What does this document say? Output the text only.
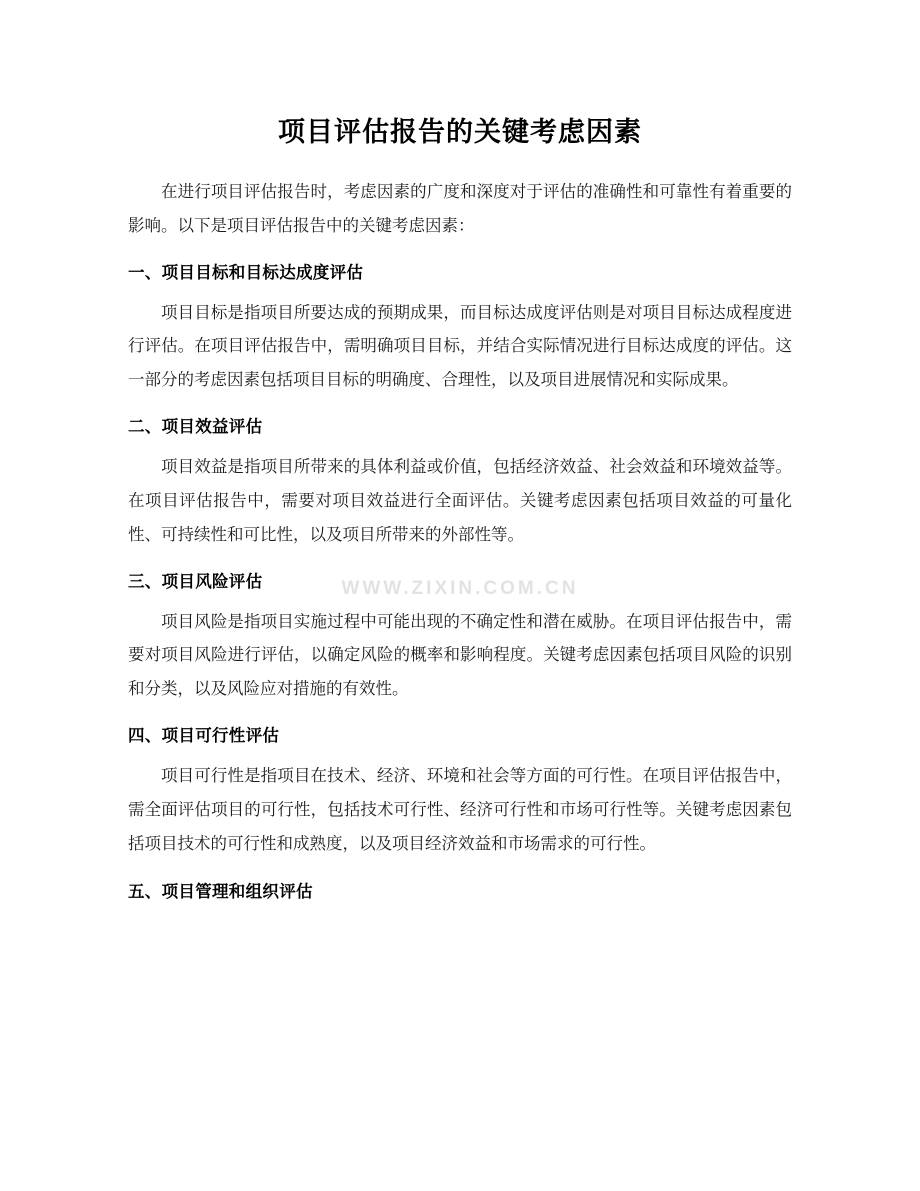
项目评估报告的关键考虑因素

在进行项目评估报告时，考虑因素的广度和深度对于评估的准确性和可靠性有着重要的影响。以下是项目评估报告中的关键考虑因素：

一、项目目标和目标达成度评估

项目目标是指项目所要达成的预期成果，而目标达成度评估则是对项目目标达成程度进行评估。在项目评估报告中，需明确项目目标，并结合实际情况进行目标达成度的评估。这一部分的考虑因素包括项目目标的明确度、合理性，以及项目进展情况和实际成果。

二、项目效益评估

项目效益是指项目所带来的具体利益或价值，包括经济效益、社会效益和环境效益等。在项目评估报告中，需要对项目效益进行全面评估。关键考虑因素包括项目效益的可量化性、可持续性和可比性，以及项目所带来的外部性等。

三、项目风险评估

项目风险是指项目实施过程中可能出现的不确定性和潜在威胁。在项目评估报告中，需要对项目风险进行评估，以确定风险的概率和影响程度。关键考虑因素包括项目风险的识别和分类，以及风险应对措施的有效性。

四、项目可行性评估

项目可行性是指项目在技术、经济、环境和社会等方面的可行性。在项目评估报告中，需全面评估项目的可行性，包括技术可行性、经济可行性和市场可行性等。关键考虑因素包括项目技术的可行性和成熟度，以及项目经济效益和市场需求的可行性。

五、项目管理和组织评估
WWW.ZIXIN.COM.CN
